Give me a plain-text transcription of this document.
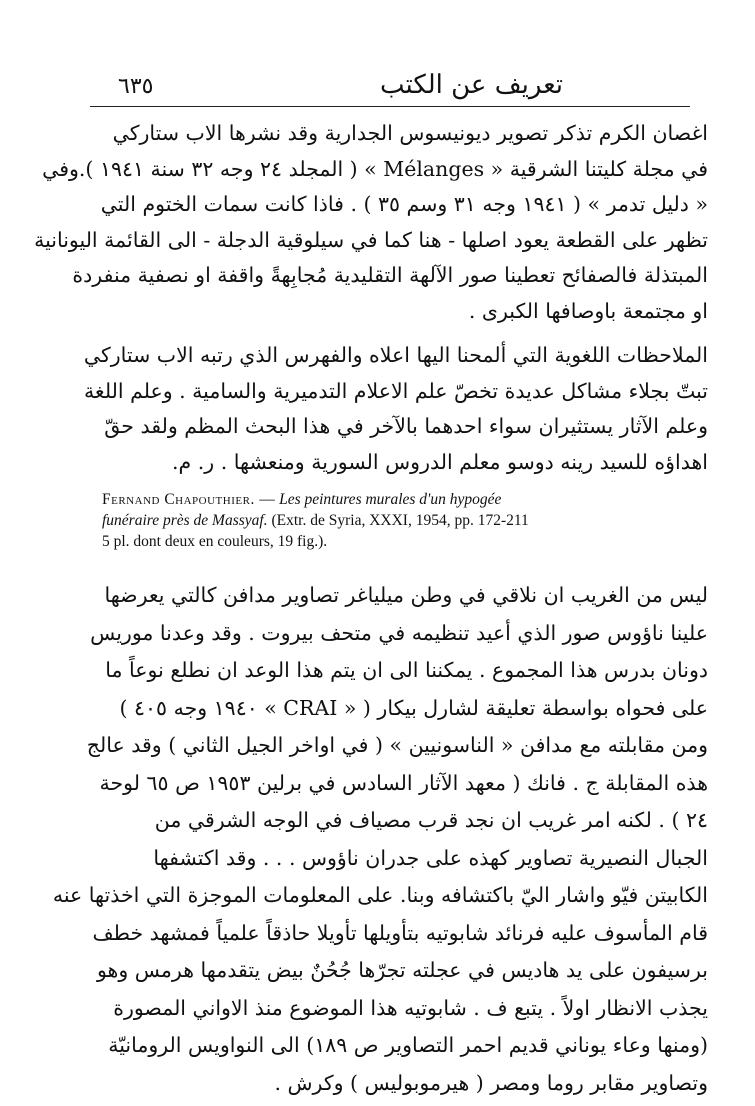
٦٣٥	تعريف عن الكتب
اغصان الكرم تذكر تصوير ديونيسوس الجدارية وقد نشرها الاب ستاركي
في مجلة كليتنا الشرقية « Mélanges » ( المجلد ٢٤ وجه ٣٢ سنة ١٩٤١ ).وفي
« دليل تدمر » ( ١٩٤١ وجه ٣١ وسم ٣٥ ) . فاذا كانت سمات الختوم التي
تظهر على القطعة يعود اصلها - هنا كما في سيلوقية الدجلة - الى القائمة اليونانية
المبتذلة فالصفائح تعطينا صور الآلهة التقليدية مُجابِهةً واقفة او نصفية منفردة
او مجتمعة باوصافها الكبرى .
الملاحظات اللغوية التي ألمحنا اليها اعلاه والفهرس الذي رتبه الاب ستاركي
تبتّ بجلاء مشاكل عديدة تخصّ علم الاعلام التدميرية والسامية . وعلم اللغة
وعلم الآثار يستثيران سواء احدهما بالآخر في هذا البحث المظم ولقد حقّ
اهداؤه للسيد رينه دوسو معلم الدروس السورية ومنعشها . ر. م.
Fernand Chapouthier. — Les peintures murales d'un hypogée
funéraire près de Massyaf. (Extr. de Syria, XXXI, 1954, pp. 172-211
5 pl. dont deux en couleurs, 19 fig.).
ليس من الغريب ان نلاقي في وطن ميلياغر تصاوير مدافن كالتي يعرضها
علينا ناؤوس صور الذي أعيد تنظيمه في متحف بيروت . وقد وعدنا موريس
دونان بدرس هذا المجموع . يمكننا الى ان يتم هذا الوعد ان نطلع نوعاً ما
على فحواه بواسطة تعليقة لشارل بيكار ( « CRAI » ١٩٤٠ وجه ٤٠٥ )
ومن مقابلته مع مدافن « الناسونيين » ( في اواخر الجيل الثاني ) وقد عالج
هذه المقابلة ج . فانك ( معهد الآثار السادس في برلين ١٩٥٣ ص ٦٥ لوحة
٢٤ ) . لكنه امر غريب ان نجد قرب مصياف في الوجه الشرقي من
الجبال النصيرية تصاوير كهذه على جدران ناؤوس . . . وقد اكتشفها
الكابيتن فيّو واشار اليّ باكتشافه وبنا. على المعلومات الموجزة التي اخذتها عنه
قام المأسوف عليه فرنائد شابوتيه بتأويلها تأويلا حاذقاً علمياً فمشهد خطف
برسيفون على يد هاديس في عجلته تجرّها جُحُنٌ بيض يتقدمها هرمس وهو
يجذب الانظار اولاً . يتبع ف . شابوتيه هذا الموضوع منذ الاواني المصورة
(ومنها وعاء يوناني قديم احمر التصاوير ص ١٨٩) الى النواويس الرومانيّة
وتصاوير مقابر روما ومصر ( هيرموبوليس ) وكرش .
